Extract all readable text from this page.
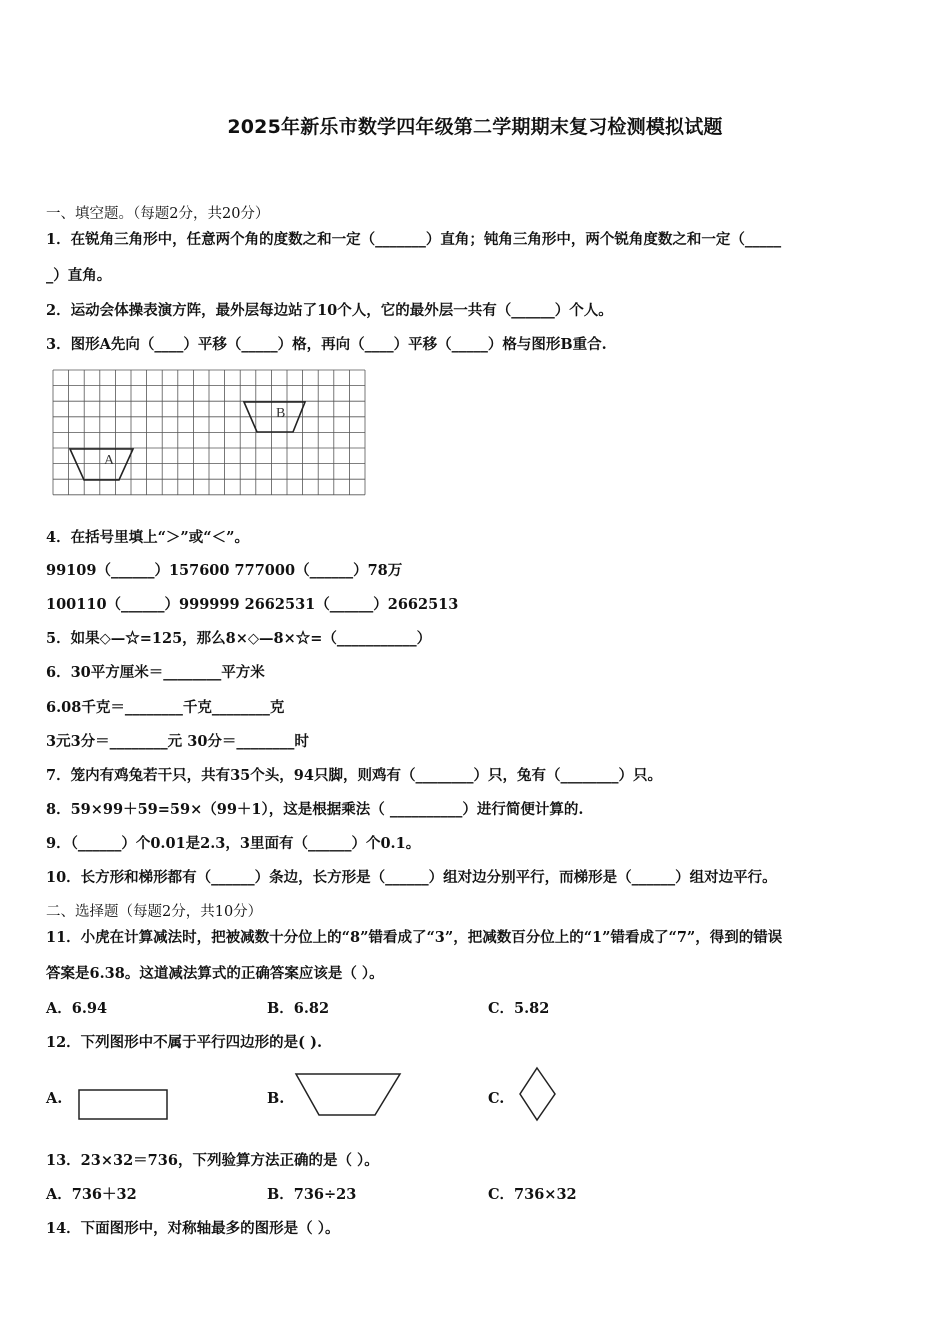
2025年新乐市数学四年级第二学期期末复习检测模拟试题
一、填空题。（每题2分，共20分）
1．在锐角三角形中，任意两个角的度数之和一定（_______）直角；钝角三角形中，两个锐角度数之和一定（_____
_）直角。
2．运动会体操表演方阵，最外层每边站了10个人，它的最外层一共有（______）个人。
3．图形A先向（____）平移（_____）格，再向（____）平移（_____）格与图形B重合.
B
A
4．在括号里填上“＞”或“＜”。
99109（______）157600 777000（______）78万
100110（______）999999 2662531（______）2662513
5．如果◇—☆=125，那么8×◇—8×☆=（___________）
6．30平方厘米＝________平方米
6.08千克＝________千克________克
3元3分＝________元 30分＝________时
7．笼内有鸡兔若干只，共有35个头，94只脚，则鸡有（________）只，兔有（________）只。
8．59×99＋59=59×（99＋1），这是根据乘法（ __________）进行简便计算的.
9．（______）个0.01是2.3，3里面有（______）个0.1。
10．长方形和梯形都有（______）条边，长方形是（______）组对边分别平行，而梯形是（______）组对边平行。
二、选择题（每题2分，共10分）
11．小虎在计算减法时，把被减数十分位上的“8”错看成了“3”，把减数百分位上的“1”错看成了“7”，得到的错误
答案是6.38。这道减法算式的正确答案应该是（ ）。
A．6.94	B．6.82	C．5.82
12．下列图形中不属于平行四边形的是( ).
A.	B.	C.
13．23×32＝736，下列验算方法正确的是（ ）。
A．736＋32	B．736÷23	C．736×32
14．下面图形中，对称轴最多的图形是（ ）。
